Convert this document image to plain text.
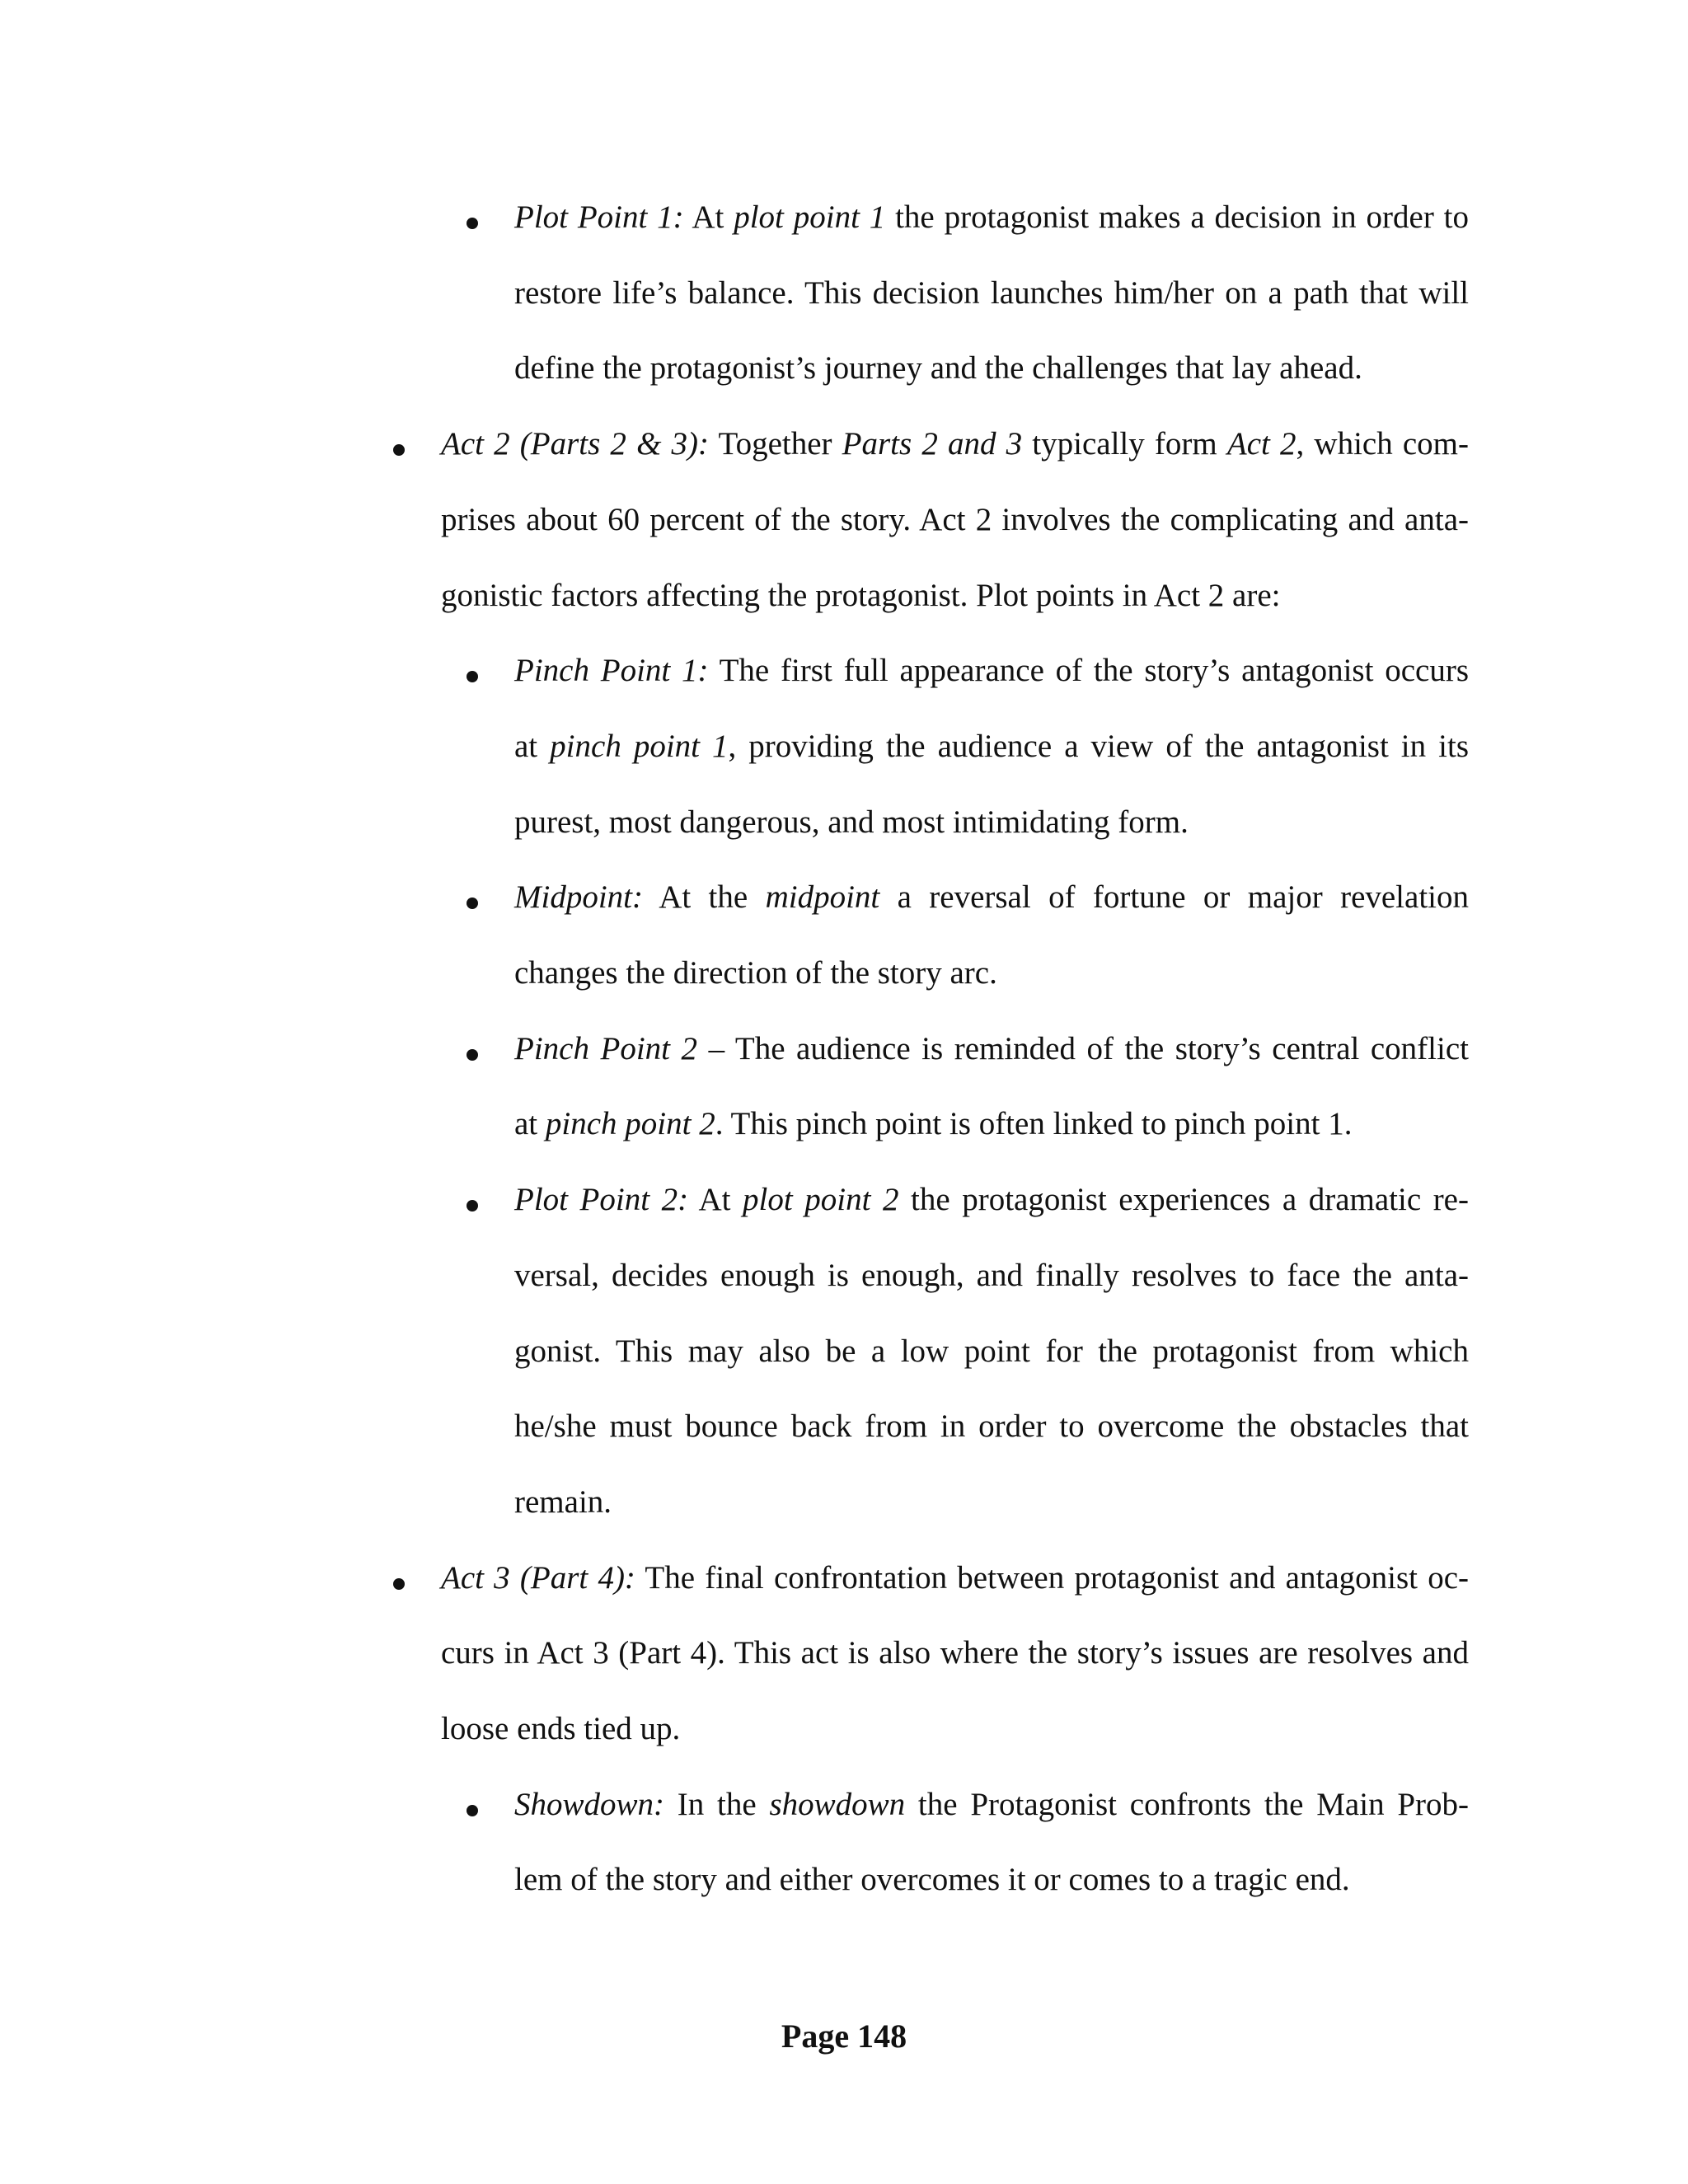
Plot Point 1: At plot point 1 the protagonist makes a decision in order to
restore life’s balance. This decision launches him/her on a path that will
define the protagonist’s journey and the challenges that lay ahead.
Act 2 (Parts 2 & 3): Together Parts 2 and 3 typically form Act 2, which com-
prises about 60 percent of the story. Act 2 involves the complicating and anta-
gonistic factors affecting the protagonist. Plot points in Act 2 are:
Pinch Point 1: The first full appearance of the story’s antagonist occurs
at pinch point 1, providing the audience a view of the antagonist in its
purest, most dangerous, and most intimidating form.
Midpoint: At the midpoint a reversal of fortune or major revelation
changes the direction of the story arc.
Pinch Point 2 – The audience is reminded of the story’s central conflict
at pinch point 2. This pinch point is often linked to pinch point 1.
Plot Point 2: At plot point 2 the protagonist experiences a dramatic re-
versal, decides enough is enough, and finally resolves to face the anta-
gonist. This may also be a low point for the protagonist from which
he/she must bounce back from in order to overcome the obstacles that
remain.
Act 3 (Part 4): The final confrontation between protagonist and antagonist oc-
curs in Act 3 (Part 4). This act is also where the story’s issues are resolves and
loose ends tied up.
Showdown: In the showdown the Protagonist confronts the Main Prob-
lem of the story and either overcomes it or comes to a tragic end.
Page 148
